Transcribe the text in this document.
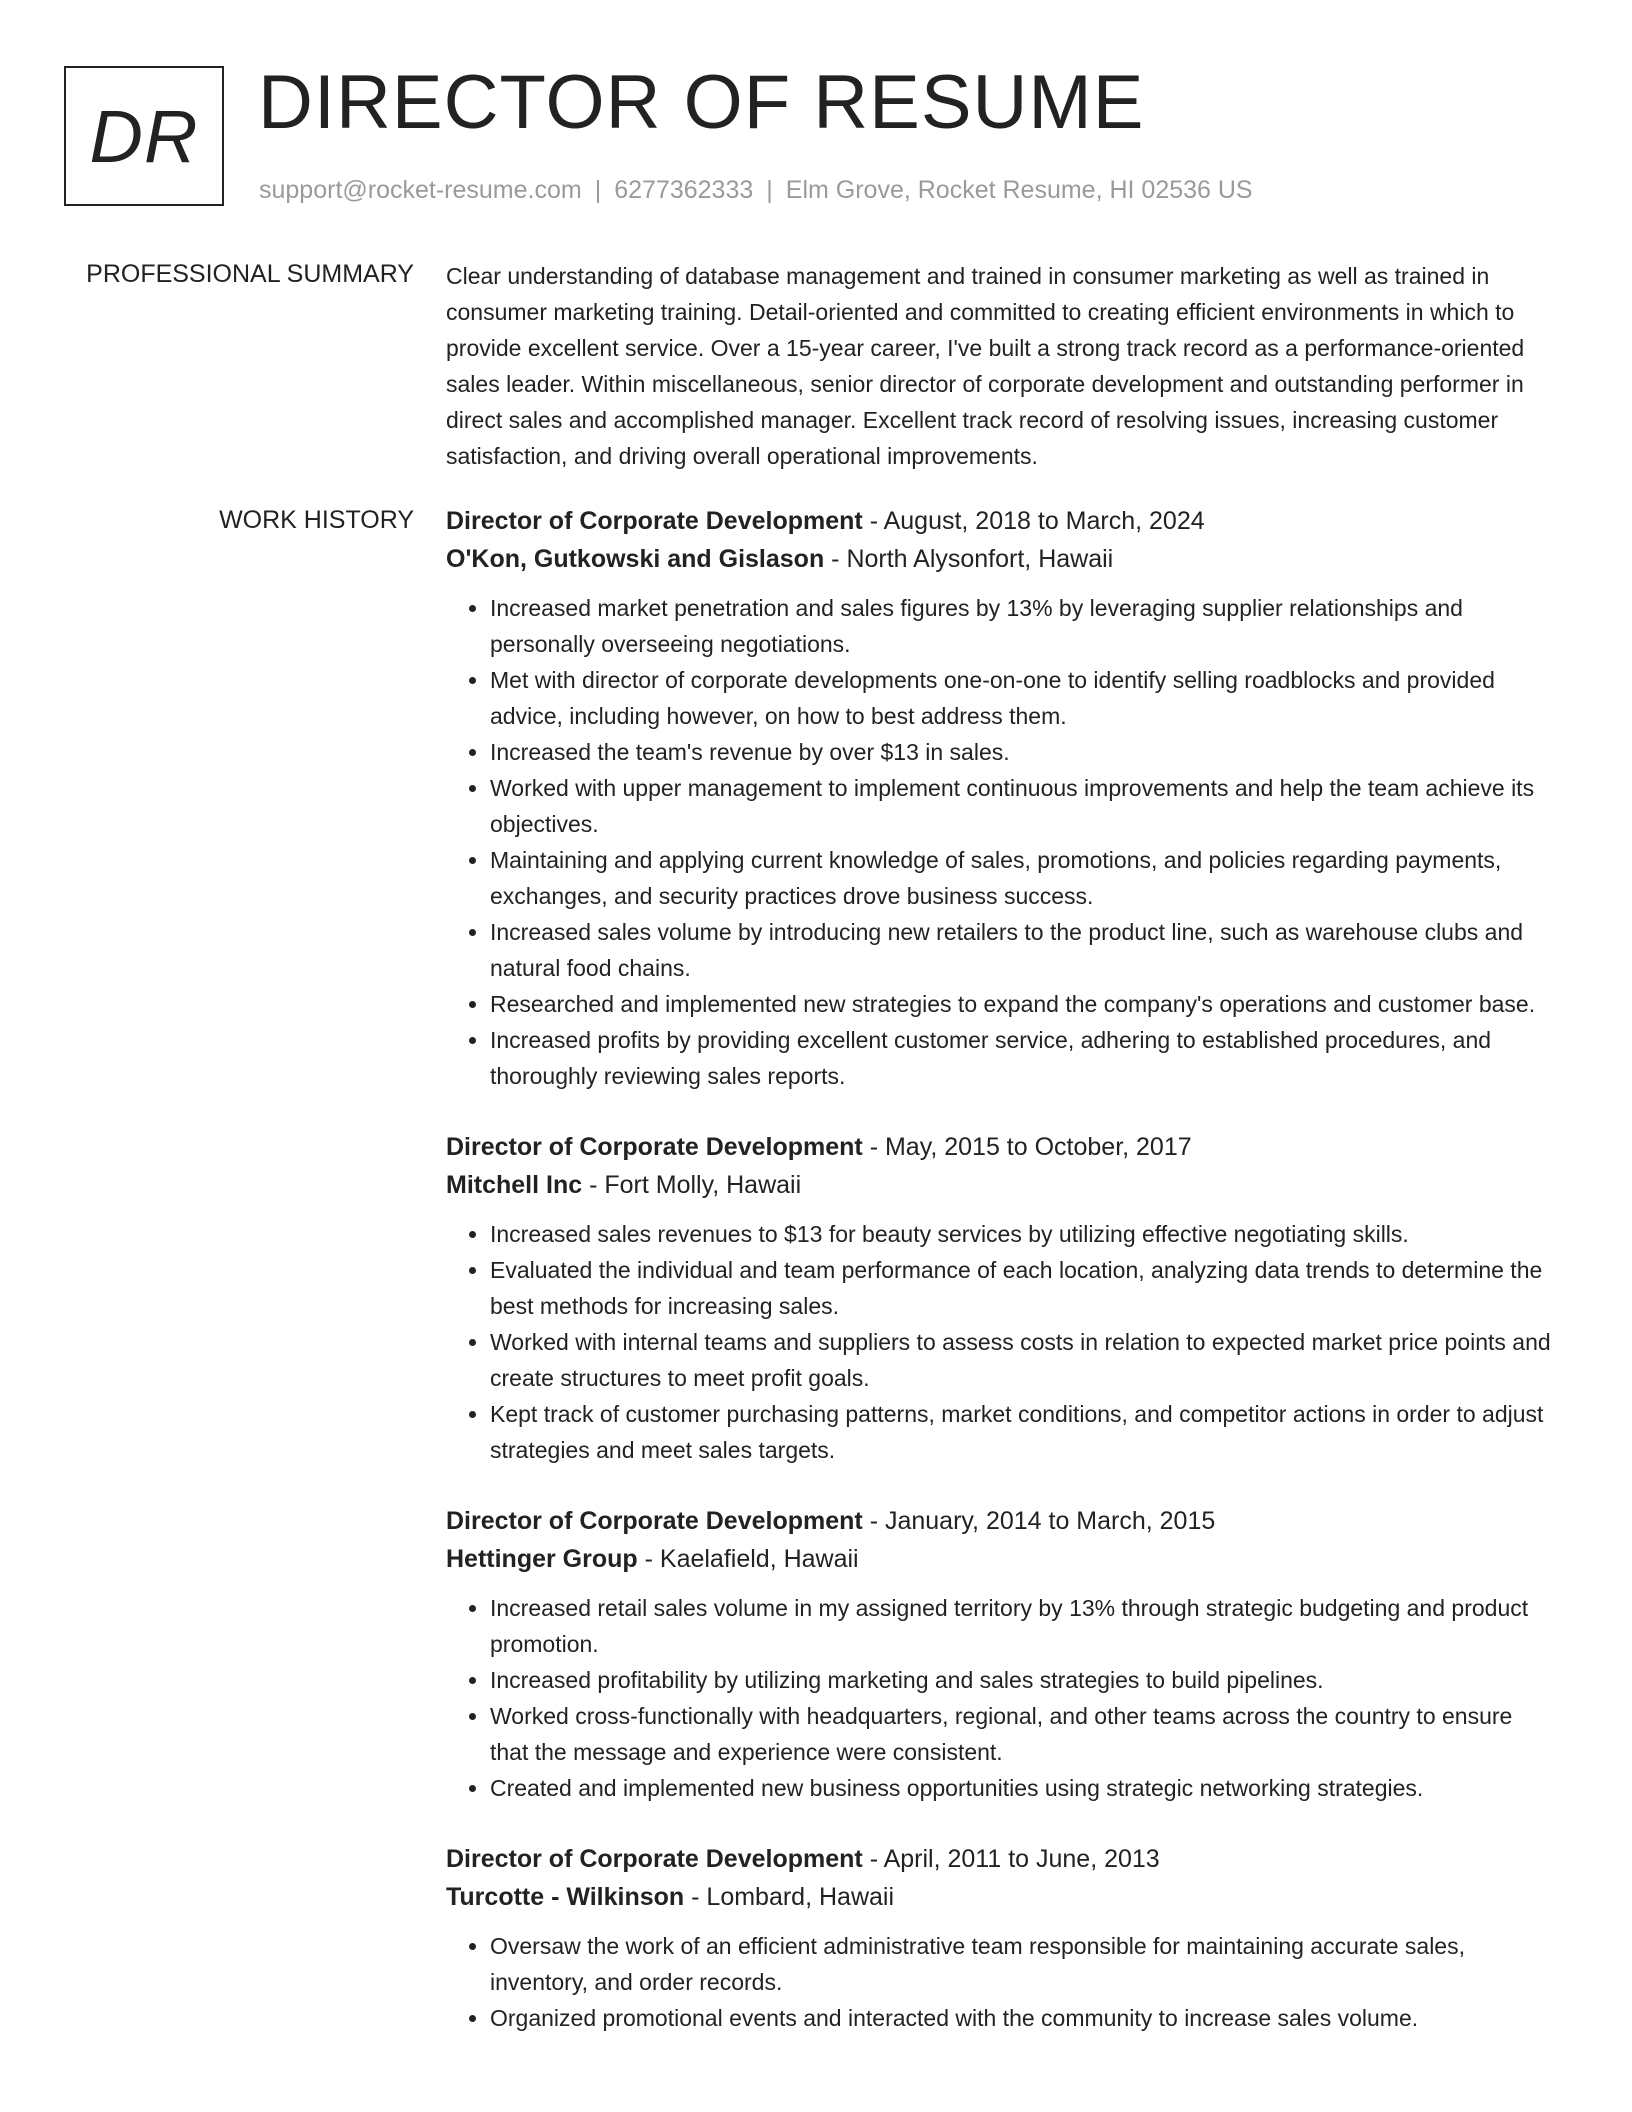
DR DIRECTOR OF RESUME
support@rocket-resume.com | 6277362333 | Elm Grove, Rocket Resume, HI 02536 US
PROFESSIONAL SUMMARY Clear understanding of database management and trained in consumer marketing as well as trained in consumer marketing training. Detail-oriented and committed to creating efficient environments in which to provide excellent service. Over a 15-year career, I've built a strong track record as a performance-oriented sales leader. Within miscellaneous, senior director of corporate development and outstanding performer in direct sales and accomplished manager. Excellent track record of resolving issues, increasing customer satisfaction, and driving overall operational improvements.

WORK HISTORY Director of Corporate Development - August, 2018 to March, 2024
O'Kon, Gutkowski and Gislason - North Alysonfort, Hawaii
• Increased market penetration and sales figures by 13% by leveraging supplier relationships and personally overseeing negotiations.
• Met with director of corporate developments one-on-one to identify selling roadblocks and provided advice, including however, on how to best address them.
• Increased the team's revenue by over $13 in sales.
• Worked with upper management to implement continuous improvements and help the team achieve its objectives.
• Maintaining and applying current knowledge of sales, promotions, and policies regarding payments, exchanges, and security practices drove business success.
• Increased sales volume by introducing new retailers to the product line, such as warehouse clubs and natural food chains.
• Researched and implemented new strategies to expand the company's operations and customer base.
• Increased profits by providing excellent customer service, adhering to established procedures, and thoroughly reviewing sales reports.
Director of Corporate Development - May, 2015 to October, 2017
Mitchell Inc - Fort Molly, Hawaii
• Increased sales revenues to $13 for beauty services by utilizing effective negotiating skills.
• Evaluated the individual and team performance of each location, analyzing data trends to determine the best methods for increasing sales.
• Worked with internal teams and suppliers to assess costs in relation to expected market price points and create structures to meet profit goals.
• Kept track of customer purchasing patterns, market conditions, and competitor actions in order to adjust strategies and meet sales targets.
Director of Corporate Development - January, 2014 to March, 2015
Hettinger Group - Kaelafield, Hawaii
• Increased retail sales volume in my assigned territory by 13% through strategic budgeting and product promotion.
• Increased profitability by utilizing marketing and sales strategies to build pipelines.
• Worked cross-functionally with headquarters, regional, and other teams across the country to ensure that the message and experience were consistent.
• Created and implemented new business opportunities using strategic networking strategies.
Director of Corporate Development - April, 2011 to June, 2013
Turcotte - Wilkinson - Lombard, Hawaii
• Oversaw the work of an efficient administrative team responsible for maintaining accurate sales, inventory, and order records.
• Organized promotional events and interacted with the community to increase sales volume.
